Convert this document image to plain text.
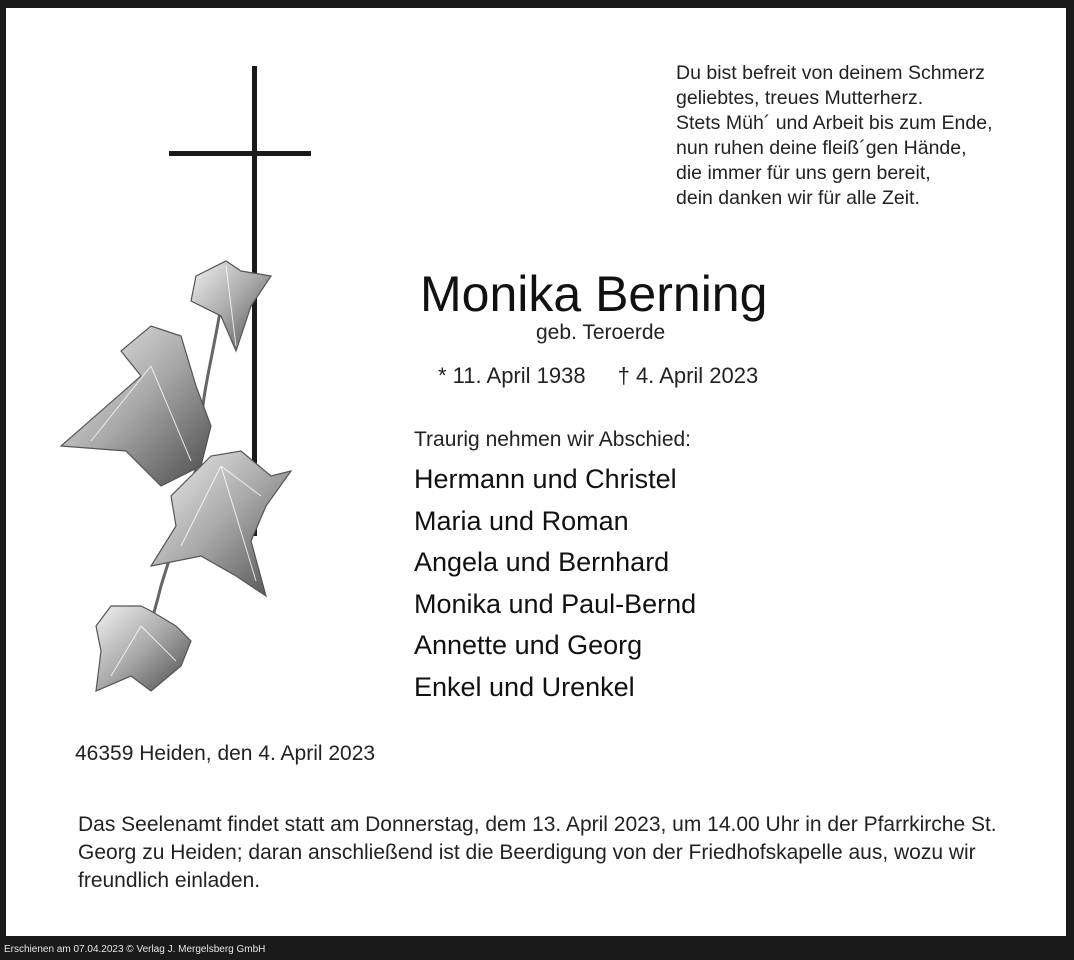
Du bist befreit von deinem Schmerz
geliebtes, treues Mutterherz.
Stets Müh´ und Arbeit bis zum Ende,
nun ruhen deine fleiß´gen Hände,
die immer für uns gern bereit,
dein danken wir für alle Zeit.
Monika Berning
geb. Teroerde
* 11. April 1938 † 4. April 2023
Traurig nehmen wir Abschied:
Hermann und Christel
Maria und Roman
Angela und Bernhard
Monika und Paul-Bernd
Annette und Georg
Enkel und Urenkel
46359 Heiden, den 4. April 2023
Das Seelenamt findet statt am Donnerstag, dem 13. April 2023, um 14.00 Uhr in der Pfarrkirche St. Georg zu Heiden; daran anschließend ist die Beerdigung von der Friedhofskapelle aus, wozu wir freundlich einladen.
Erschienen am 07.04.2023 © Verlag J. Mergelsberg GmbH
